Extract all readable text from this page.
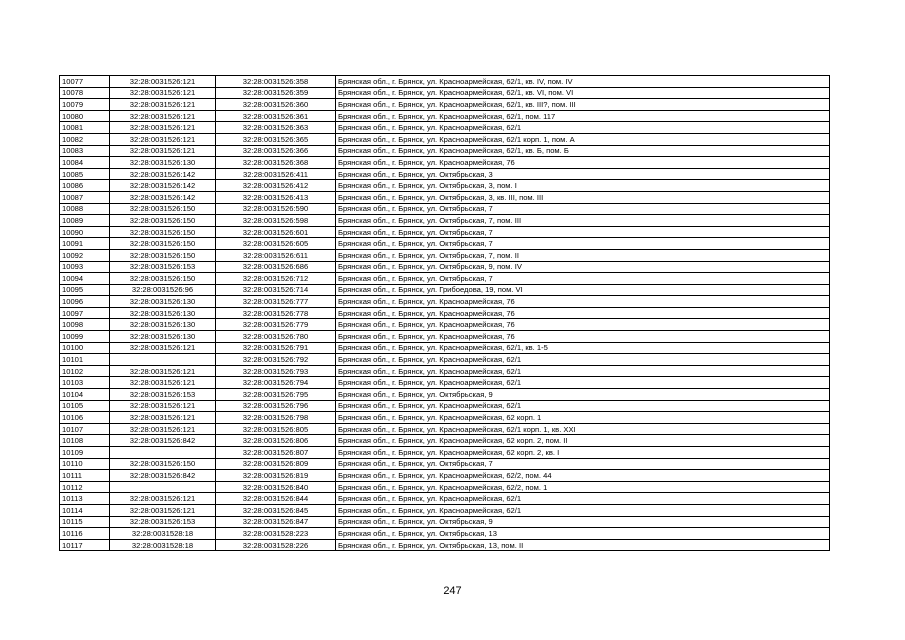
10077	32:28:0031526:121	32:28:0031526:358	Брянская обл., г. Брянск, ул. Красноармейская, 62/1, кв. IV, пом. IV
10078	32:28:0031526:121	32:28:0031526:359	Брянская обл., г. Брянск, ул. Красноармейская, 62/1, кв. VI, пом. VI
10079	32:28:0031526:121	32:28:0031526:360	Брянская обл., г. Брянск, ул. Красноармейская, 62/1, кв. III?, пом. III
10080	32:28:0031526:121	32:28:0031526:361	Брянская обл., г. Брянск, ул. Красноармейская, 62/1, пом. 117
10081	32:28:0031526:121	32:28:0031526:363	Брянская обл., г. Брянск, ул. Красноармейская, 62/1
10082	32:28:0031526:121	32:28:0031526:365	Брянская обл., г. Брянск, ул. Красноармейская, 62/1 корп. 1, пом. А
10083	32:28:0031526:121	32:28:0031526:366	Брянская обл., г. Брянск, ул. Красноармейская, 62/1, кв. Б, пом. Б
10084	32:28:0031526:130	32:28:0031526:368	Брянская обл., г. Брянск, ул. Красноармейская, 76
10085	32:28:0031526:142	32:28:0031526:411	Брянская обл., г. Брянск, ул. Октябрьская, 3
10086	32:28:0031526:142	32:28:0031526:412	Брянская обл., г. Брянск, ул. Октябрьская, 3, пом. I
10087	32:28:0031526:142	32:28:0031526:413	Брянская обл., г. Брянск, ул. Октябрьская, 3, кв. III, пом. III
10088	32:28:0031526:150	32:28:0031526:590	Брянская обл., г. Брянск, ул. Октябрьская, 7
10089	32:28:0031526:150	32:28:0031526:598	Брянская обл., г. Брянск, ул. Октябрьская, 7, пом. III
10090	32:28:0031526:150	32:28:0031526:601	Брянская обл., г. Брянск, ул. Октябрьская, 7
10091	32:28:0031526:150	32:28:0031526:605	Брянская обл., г. Брянск, ул. Октябрьская, 7
10092	32:28:0031526:150	32:28:0031526:611	Брянская обл., г. Брянск, ул. Октябрьская, 7, пом. II
10093	32:28:0031526:153	32:28:0031526:686	Брянская обл., г. Брянск, ул. Октябрьская, 9, пом. IV
10094	32:28:0031526:150	32:28:0031526:712	Брянская обл., г. Брянск, ул. Октябрьская, 7
10095	32:28:0031526:96	32:28:0031526:714	Брянская обл., г. Брянск, ул. Грибоедова, 19, пом. VI
10096	32:28:0031526:130	32:28:0031526:777	Брянская обл., г. Брянск, ул. Красноармейская, 76
10097	32:28:0031526:130	32:28:0031526:778	Брянская обл., г. Брянск, ул. Красноармейская, 76
10098	32:28:0031526:130	32:28:0031526:779	Брянская обл., г. Брянск, ул. Красноармейская, 76
10099	32:28:0031526:130	32:28:0031526:780	Брянская обл., г. Брянск, ул. Красноармейская, 76
10100	32:28:0031526:121	32:28:0031526:791	Брянская обл., г. Брянск, ул. Красноармейская, 62/1, кв. 1-5
10101		32:28:0031526:792	Брянская обл., г. Брянск, ул. Красноармейская, 62/1
10102	32:28:0031526:121	32:28:0031526:793	Брянская обл., г. Брянск, ул. Красноармейская, 62/1
10103	32:28:0031526:121	32:28:0031526:794	Брянская обл., г. Брянск, ул. Красноармейская, 62/1
10104	32:28:0031526:153	32:28:0031526:795	Брянская обл., г. Брянск, ул. Октябрьская, 9
10105	32:28:0031526:121	32:28:0031526:796	Брянская обл., г. Брянск, ул. Красноармейская, 62/1
10106	32:28:0031526:121	32:28:0031526:798	Брянская обл., г. Брянск, ул. Красноармейская, 62 корп. 1
10107	32:28:0031526:121	32:28:0031526:805	Брянская обл., г. Брянск, ул. Красноармейская, 62/1 корп. 1, кв. XXI
10108	32:28:0031526:842	32:28:0031526:806	Брянская обл., г. Брянск, ул. Красноармейская, 62 корп. 2, пом. II
10109		32:28:0031526:807	Брянская обл., г. Брянск, ул. Красноармейская, 62 корп. 2, кв. I
10110	32:28:0031526:150	32:28:0031526:809	Брянская обл., г. Брянск, ул. Октябрьская, 7
10111	32:28:0031526:842	32:28:0031526:819	Брянская обл., г. Брянск, ул. Красноармейская, 62/2, пом. 44
10112		32:28:0031526:840	Брянская обл., г. Брянск, ул. Красноармейская, 62/2, пом. 1
10113	32:28:0031526:121	32:28:0031526:844	Брянская обл., г. Брянск, ул. Красноармейская, 62/1
10114	32:28:0031526:121	32:28:0031526:845	Брянская обл., г. Брянск, ул. Красноармейская, 62/1
10115	32:28:0031526:153	32:28:0031526:847	Брянская обл., г. Брянск, ул. Октябрьская, 9
10116	32:28:0031528:18	32:28:0031528:223	Брянская обл., г. Брянск, ул. Октябрьская, 13
10117	32:28:0031528:18	32:28:0031528:226	Брянская обл., г. Брянск, ул. Октябрьская, 13, пом. II
247
